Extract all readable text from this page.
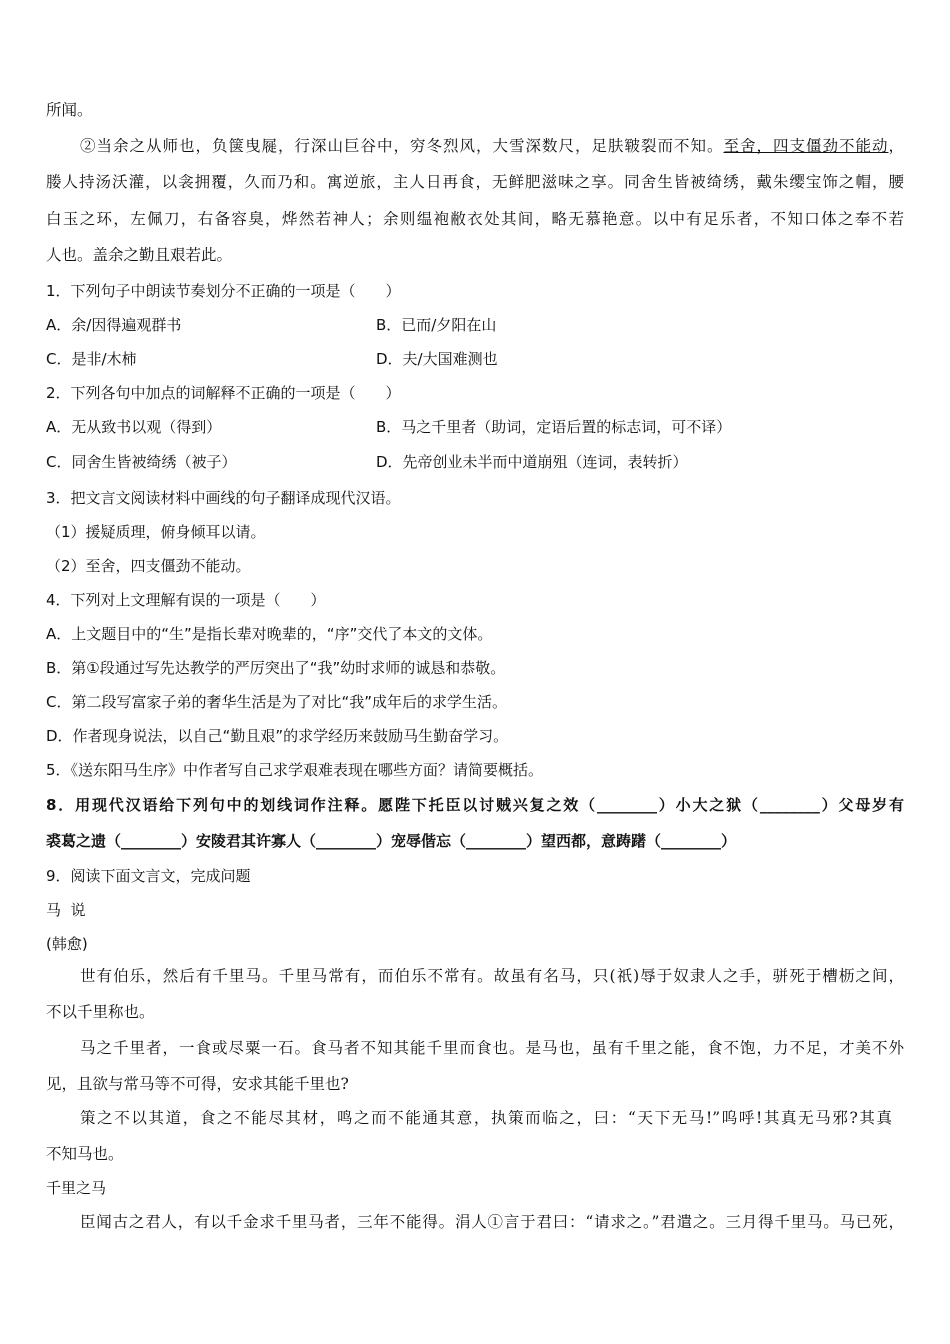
所闻。
②当余之从师也，负箧曳屣，行深山巨谷中，穷冬烈风，大雪深数尺，足肤皲裂而不知。至舍，四支僵劲不能动，
媵人持汤沃灌，以衾拥覆，久而乃和。寓逆旅，主人日再食，无鲜肥滋味之享。同舍生皆被绮绣，戴朱缨宝饰之帽，腰
白玉之环，左佩刀，右备容臭，烨然若神人；余则缊袍敝衣处其间，略无慕艳意。以中有足乐者，不知口体之奉不若
人也。盖余之勤且艰若此。
1．下列句子中朗读节奏划分不正确的一项是（　　）
A．余/因得遍观群书	B．已而/夕阳在山
C．是非/木柿	D．夫/大国难测也
2．下列各句中加点的词解释不正确的一项是（　　）
A．无从致书以观（得到）	B．马之千里者（助词，定语后置的标志词，可不译）
C．同舍生皆被绮绣（被子）	D．先帝创业未半而中道崩殂（连词，表转折）
3．把文言文阅读材料中画线的句子翻译成现代汉语。
（1）援疑质理，俯身倾耳以请。
（2）至舍，四支僵劲不能动。
4．下列对上文理解有误的一项是（　　）
A．上文题目中的“生”是指长辈对晚辈的，“序”交代了本文的文体。
B．第①段通过写先达教学的严厉突出了“我”幼时求师的诚恳和恭敬。
C．第二段写富家子弟的奢华生活是为了对比“我”成年后的求学生活。
D．作者现身说法，以自己“勤且艰”的求学经历来鼓励马生勤奋学习。
5．《送东阳马生序》中作者写自己求学艰难表现在哪些方面？请简要概括。
8．用现代汉语给下列句中的划线词作注释。愿陛下托臣以讨贼兴复之效（________）小大之狱（________）父母岁有
裘葛之遗（________）安陵君其许寡人（________）宠辱偕忘（________）望西都，意踌躇（________）
9．阅读下面文言文，完成问题
马  说
(韩愈)
世有伯乐，然后有千里马。千里马常有，而伯乐不常有。故虽有名马，只(祇)辱于奴隶人之手，骈死于槽枥之间，
不以千里称也。
马之千里者，一食或尽粟一石。食马者不知其能千里而食也。是马也，虽有千里之能，食不饱，力不足，才美不外
见，且欲与常马等不可得，安求其能千里也?
策之不以其道，食之不能尽其材，鸣之而不能通其意，执策而临之，曰：“天下无马!”呜呼!其真无马邪?其真
不知马也。
千里之马
臣闻古之君人，有以千金求千里马者，三年不能得。涓人①言于君曰：“请求之。”君遣之。三月得千里马。马已死，
